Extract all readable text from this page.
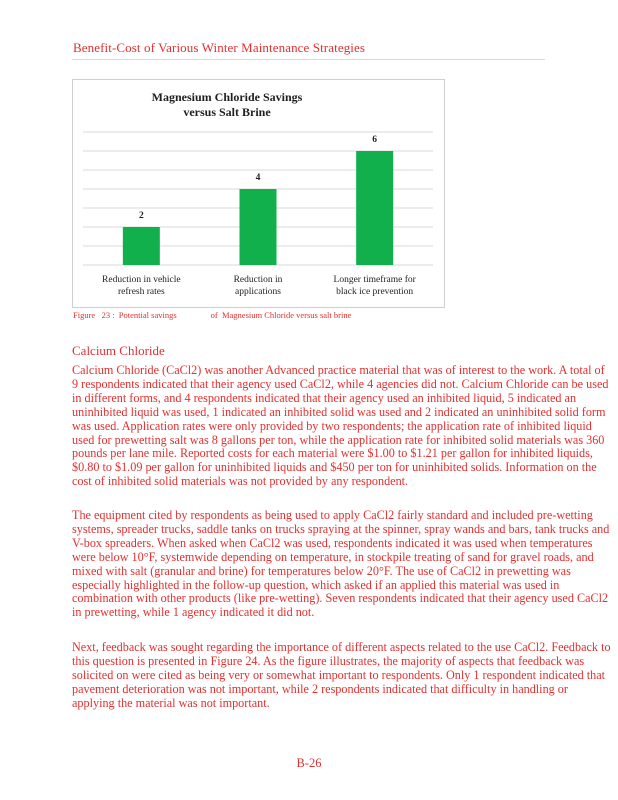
Benefit-Cost of Various Winter Maintenance Strategies
Magnesium Chloride Savings
versus Salt Brine
2
Reduction in vehicle
refresh rates
4
Reduction in
applications
6
Longer timeframe for
black ice prevention
Figure   23 :  Potential savings                of  Magnesium Chloride versus salt brine
Calcium Chloride

Calcium Chloride (CaCl2) was another Advanced practice material that was of interest to the work. A total of 9 respondents indicated that their agency used CaCl2, while 4 agencies did not. Calcium Chloride can be used in different forms, and 4 respondents indicated that their agency used an inhibited liquid, 5 indicated an uninhibited liquid was used, 1 indicated an inhibited solid was used and 2 indicated an uninhibited solid form was used. Application rates were only provided by two respondents; the application rate of inhibited liquid used for prewetting salt was 8 gallons per ton, while the application rate for inhibited solid materials was 360 pounds per lane mile. Reported costs for each material were $1.00 to $1.21 per gallon for inhibited liquids, $0.80 to $1.09 per gallon for uninhibited liquids and $450 per ton for uninhibited solids. Information on the cost of inhibited solid materials was not provided by any respondent.

The equipment cited by respondents as being used to apply CaCl2 fairly standard and included pre-wetting systems, spreader trucks, saddle tanks on trucks spraying at the spinner, spray wands and bars, tank trucks and V-box spreaders. When asked when CaCl2 was used, respondents indicated it was used when temperatures were below 10°F, systemwide depending on temperature, in stockpile treating of sand for gravel roads, and mixed with salt (granular and brine) for temperatures below 20°F. The use of CaCl2 in prewetting was especially highlighted in the follow-up question, which asked if an applied this material was used in combination with other products (like pre-wetting). Seven respondents indicated that their agency used CaCl2 in prewetting, while 1 agency indicated it did not.

Next, feedback was sought regarding the importance of different aspects related to the use CaCl2. Feedback to this question is presented in Figure 24. As the figure illustrates, the majority of aspects that feedback was solicited on were cited as being very or somewhat important to respondents. Only 1 respondent indicated that pavement deterioration was not important, while 2 respondents indicated that difficulty in handling or applying the material was not important.

B-26
